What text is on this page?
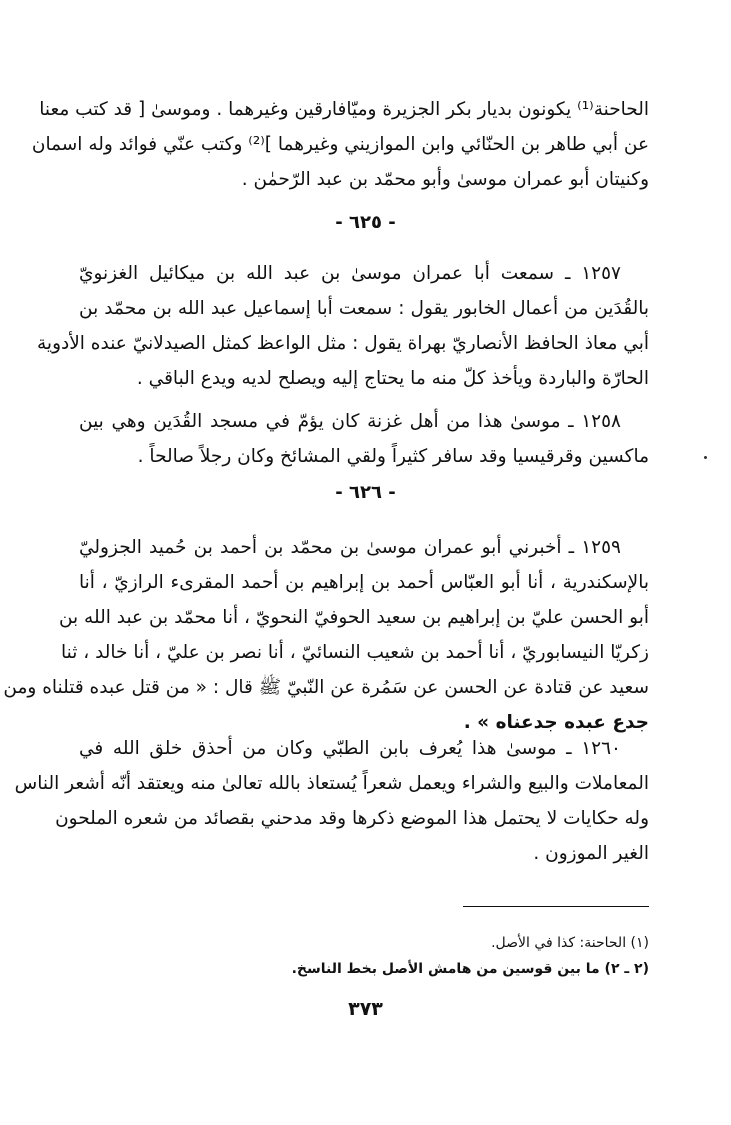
الحاحنة⁽¹⁾ يكونون بديار بكر الجزيرة وميّافارقين وغيرهما . وموسىٰ [ قد كتب معنا
عن أبي طاهر بن الحنّائي وابن الموازيني وغيرهما ]⁽²⁾ وكتب عنّي فوائد وله اسمان
وكنيتان أبو عمران موسىٰ وأبو محمّد بن عبد الرّحمٰن .
- ٦٢٥ -
١٢٥٧ ـ سمعت أبا عمران موسىٰ بن عبد الله بن ميكائيل الغزنويّ
بالقُدَين من أعمال الخابور يقول : سمعت أبا إسماعيل عبد الله بن محمّد بن
أبي معاذ الحافظ الأنصاريّ بهراة يقول : مثل الواعظ كمثل الصيدلانيّ عنده الأدوية
الحارّة والباردة ويأخذ كلّ منه ما يحتاج إليه ويصلح لديه ويدع الباقي .
١٢٥٨ ـ موسىٰ هذا من أهل غزنة كان يؤمّ في مسجد القُدَين وهي بين
ماكسين وقرقيسيا وقد سافر كثيراً ولقي المشائخ وكان رجلاً صالحاً .
- ٦٢٦ -
١٢٥٩ ـ أخبرني أبو عمران موسىٰ بن محمّد بن أحمد بن حُميد الجزوليّ
بالإسكندرية ، أنا أبو العبّاس أحمد بن إبراهيم بن أحمد المقرىء الرازيّ ، أنا
أبو الحسن عليّ بن إبراهيم بن سعيد الحوفيّ النحويّ ، أنا محمّد بن عبد الله بن
زكريّا النيسابوريّ ، أنا أحمد بن شعيب النسائيّ ، أنا نصر بن عليّ ، أنا خالد ، ثنا
سعيد عن قتادة عن الحسن عن سَمُرة عن النّبيّ ﷺ قال : « من قتل عبده قتلناه ومن
جدع عبده جدعناه » .
١٢٦٠ ـ موسىٰ هذا يُعرف بابن الطبّي وكان من أحذق خلق الله في
المعاملات والبيع والشراء ويعمل شعراً يُستعاذ بالله تعالىٰ منه ويعتقد أنّه أشعر الناس
وله حكايات لا يحتمل هذا الموضع ذكرها وقد مدحني بقصائد من شعره الملحون
الغير الموزون .
(١) الحاحنة: كذا في الأصل.
(٢ ـ ٢) ما بين قوسين من هامش الأصل بخط الناسخ.
٣٧٣
